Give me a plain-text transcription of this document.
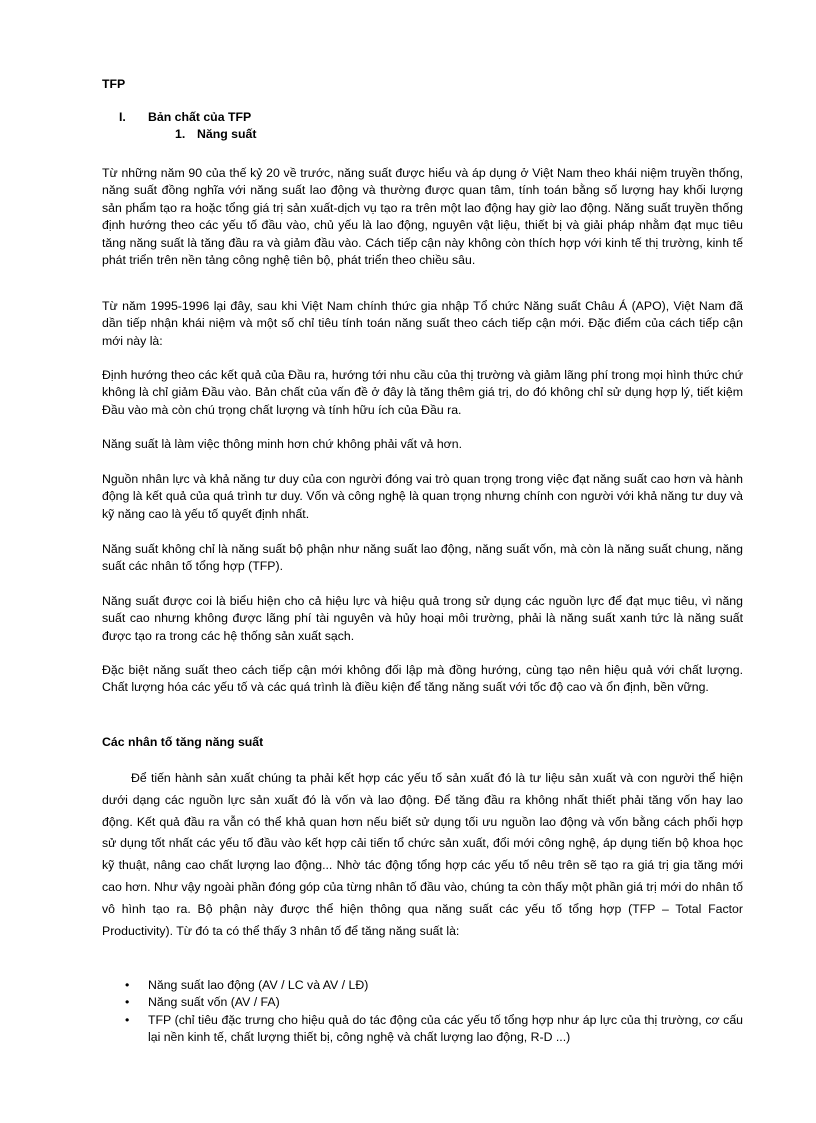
TFP
I. Bản chất của TFP
1. Năng suất
Từ những năm 90 của thế kỷ 20 về trước, năng suất được hiểu và áp dụng ở Việt Nam theo khái niệm truyền thống, năng suất đồng nghĩa với năng suất lao động và thường được quan tâm, tính toán bằng số lượng hay khối lượng sản phẩm tạo ra hoặc tổng giá trị sản xuất-dịch vụ tạo ra trên một lao động hay giờ lao động. Năng suất truyền thống định hướng theo các yếu tố đầu vào, chủ yếu là lao động, nguyên vật liệu, thiết bị và giải pháp nhằm đạt mục tiêu tăng năng suất là tăng đầu ra và giảm đầu vào. Cách tiếp cận này không còn thích hợp với kinh tế thị trường, kinh tế phát triển trên nền tảng công nghệ tiên bộ, phát triển theo chiều sâu.
Từ năm 1995-1996 lại đây, sau khi Việt Nam chính thức gia nhập Tổ chức Năng suất Châu Á (APO), Việt Nam đã dần tiếp nhận khái niệm và một số chỉ tiêu tính toán năng suất theo cách tiếp cận mới. Đặc điểm của cách tiếp cận mới này là:
Định hướng theo các kết quả của Đầu ra, hướng tới nhu cầu của thị trường và giảm lãng phí trong mọi hình thức chứ không là chỉ giảm Đầu vào. Bản chất của vấn đề ở đây là tăng thêm giá trị, do đó không chỉ sử dụng hợp lý, tiết kiệm Đầu vào mà còn chú trọng chất lượng và tính hữu ích của Đầu ra.
Năng suất là làm việc thông minh hơn chứ không phải vất vả hơn.
Nguồn nhân lực và khả năng tư duy của con người đóng vai trò quan trọng trong việc đạt năng suất cao hơn và hành động là kết quả của quá trình tư duy. Vốn và công nghệ là quan trọng nhưng chính con người với khả năng tư duy và kỹ năng cao là yếu tố quyết định nhất.
Năng suất không chỉ là năng suất bộ phận như năng suất lao động, năng suất vốn, mà còn là năng suất chung, năng suất các nhân tố tổng hợp (TFP).
Năng suất được coi là biểu hiện cho cả hiệu lực và hiệu quả trong sử dụng các nguồn lực để đạt mục tiêu, vì năng suất cao nhưng không được lãng phí tài nguyên và hủy hoại môi trường, phải là năng suất xanh tức là năng suất được tạo ra trong các hệ thống sản xuất sạch.
Đặc biệt năng suất theo cách tiếp cận mới không đối lập mà đồng hướng, cùng tạo nên hiệu quả với chất lượng. Chất lượng hóa các yếu tố và các quá trình là điều kiện để tăng năng suất với tốc độ cao và ổn định, bền vững.
Các nhân tố tăng năng suất
Để tiến hành sản xuất chúng ta phải kết hợp các yếu tố sản xuất đó là tư liệu sản xuất và con người thể hiện dưới dạng các nguồn lực sản xuất đó là vốn và lao động. Để tăng đầu ra không nhất thiết phải tăng vốn hay lao động. Kết quả đầu ra vẫn có thể khả quan hơn nếu biết sử dụng tối ưu nguồn lao động và vốn bằng cách phối hợp sử dụng tốt nhất các yếu tố đầu vào kết hợp cải tiến tổ chức sản xuất, đổi mới công nghệ, áp dụng tiến bộ khoa học kỹ thuật, nâng cao chất lượng lao động... Nhờ tác động tổng hợp các yếu tố nêu trên sẽ tạo ra giá trị gia tăng mới cao hơn. Như vậy ngoài phần đóng góp của từng nhân tố đầu vào, chúng ta còn thấy một phần giá trị mới do nhân tố vô hình tạo ra. Bộ phận này được thể hiện thông qua năng suất các yếu tố tổng hợp (TFP – Total Factor Productivity). Từ đó ta có thể thấy 3 nhân tố để tăng năng suất là:
• Năng suất lao động (AV / LC và AV / LĐ)
• Năng suất vốn (AV / FA)
• TFP (chỉ tiêu đặc trưng cho hiệu quả do tác động của các yếu tố tổng hợp như áp lực của thị trường, cơ cấu lại nền kinh tế, chất lượng thiết bị, công nghệ và chất lượng lao động, R-D ...)
